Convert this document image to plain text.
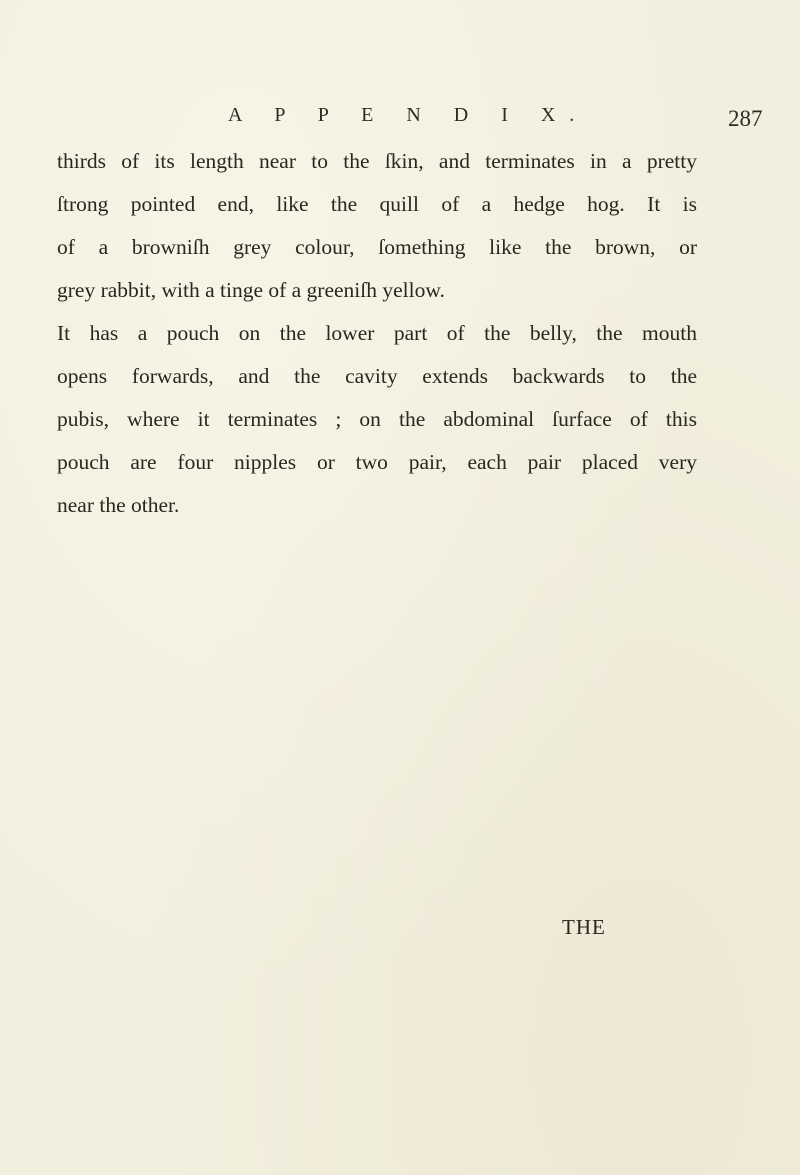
A P P E N D I X.	287
thirds of its length near to the ſkin, and terminates in a pretty
ſtrong pointed end, like the quill of a hedge hog. It is
of a browniſh grey colour, ſomething like the brown, or
grey rabbit, with a tinge of a greeniſh yellow.
It has a pouch on the lower part of the belly, the mouth
opens forwards, and the cavity extends backwards to the
pubis, where it terminates ; on the abdominal ſurface of this
pouch are four nipples or two pair, each pair placed very
near the other.
THE
